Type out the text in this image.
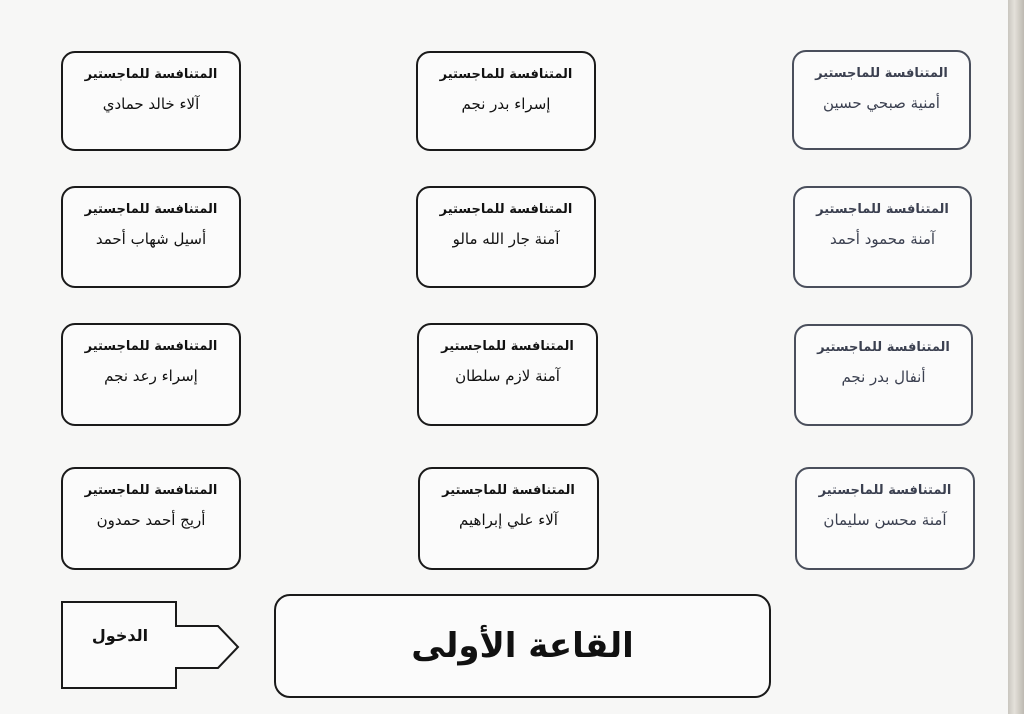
المتنافسة للماجستير
آلاء خالد حمادي
المتنافسة للماجستير
أسيل شهاب أحمد
المتنافسة للماجستير
إسراء رعد نجم
المتنافسة للماجستير
أريج أحمد حمدون
المتنافسة للماجستير
إسراء بدر نجم
المتنافسة للماجستير
آمنة جار الله مالو
المتنافسة للماجستير
آمنة لازم سلطان
المتنافسة للماجستير
آلاء علي إبراهيم
المتنافسة للماجستير
أمنية صبحي حسين
المتنافسة للماجستير
آمنة محمود أحمد
المتنافسة للماجستير
أنفال بدر نجم
المتنافسة للماجستير
آمنة محسن سليمان
الدخول	القاعة الأولى
